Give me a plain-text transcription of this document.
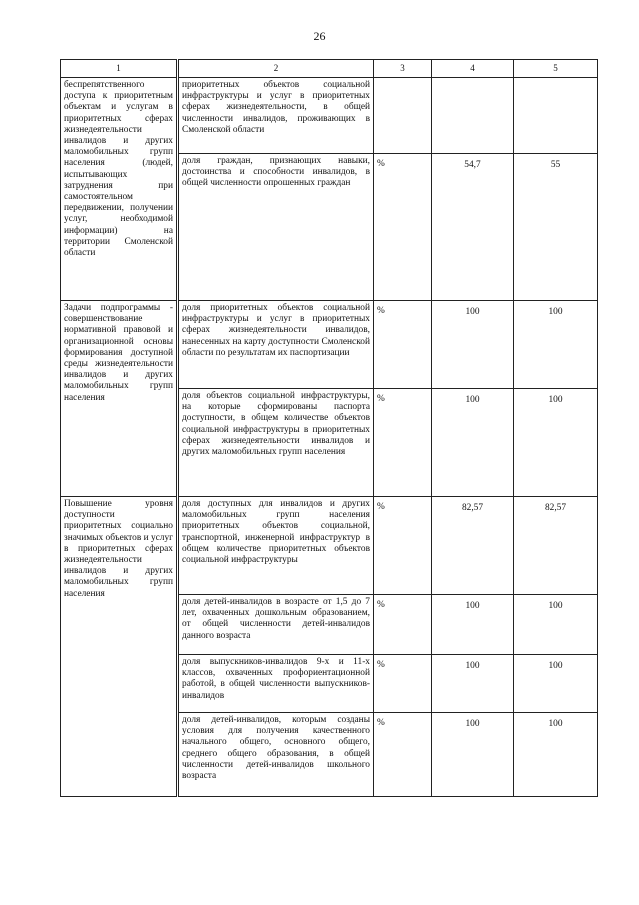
26
1	2	3	4	5
беспрепятственного доступа к приоритетным объектам и услугам в приоритетных сферах жизнедеятельности инвалидов и других маломобильных групп населения (людей, испытывающих затруднения при самостоятельном передвижении, получении услуг, необходимой информации) на территории Смоленской области	приоритетных объектов социальной инфраструктуры и услуг в приоритетных сферах жизнедеятельности, в общей численности инвалидов, проживающих в Смоленской области			
	доля граждан, признающих навыки, достоинства и способности инвалидов, в общей численности опрошенных граждан	%	54,7	55
Задачи подпрограммы - совершенствование нормативной правовой и организационной основы формирования доступной среды жизнедеятельности инвалидов и других маломобильных групп населения	доля приоритетных объектов социальной инфраструктуры и услуг в приоритетных сферах жизнедеятельности инвалидов, нанесенных на карту доступности Смоленской области по результатам их паспортизации	%	100	100
	доля объектов социальной инфраструктуры, на которые сформированы паспорта доступности, в общем количестве объектов социальной инфраструктуры в приоритетных сферах жизнедеятельности инвалидов и других маломобильных групп населения	%	100	100
Повышение уровня доступности приоритетных социально значимых объектов и услуг в приоритетных сферах жизнедеятельности инвалидов и других маломобильных групп населения	доля доступных для инвалидов и других маломобильных групп населения приоритетных объектов социальной, транспортной, инженерной инфраструктур в общем количестве приоритетных объектов социальной инфраструктуры	%	82,57	82,57
	доля детей-инвалидов в возрасте от 1,5 до 7 лет, охваченных дошкольным образованием, от общей численности детей-инвалидов данного возраста	%	100	100
	доля выпускников-инвалидов 9-х и 11-х классов, охваченных профориентационной работой, в общей численности выпускников-инвалидов	%	100	100
	доля детей-инвалидов, которым созданы условия для получения качественного начального общего, основного общего, среднего общего образования, в общей численности детей-инвалидов школьного возраста	%	100	100
